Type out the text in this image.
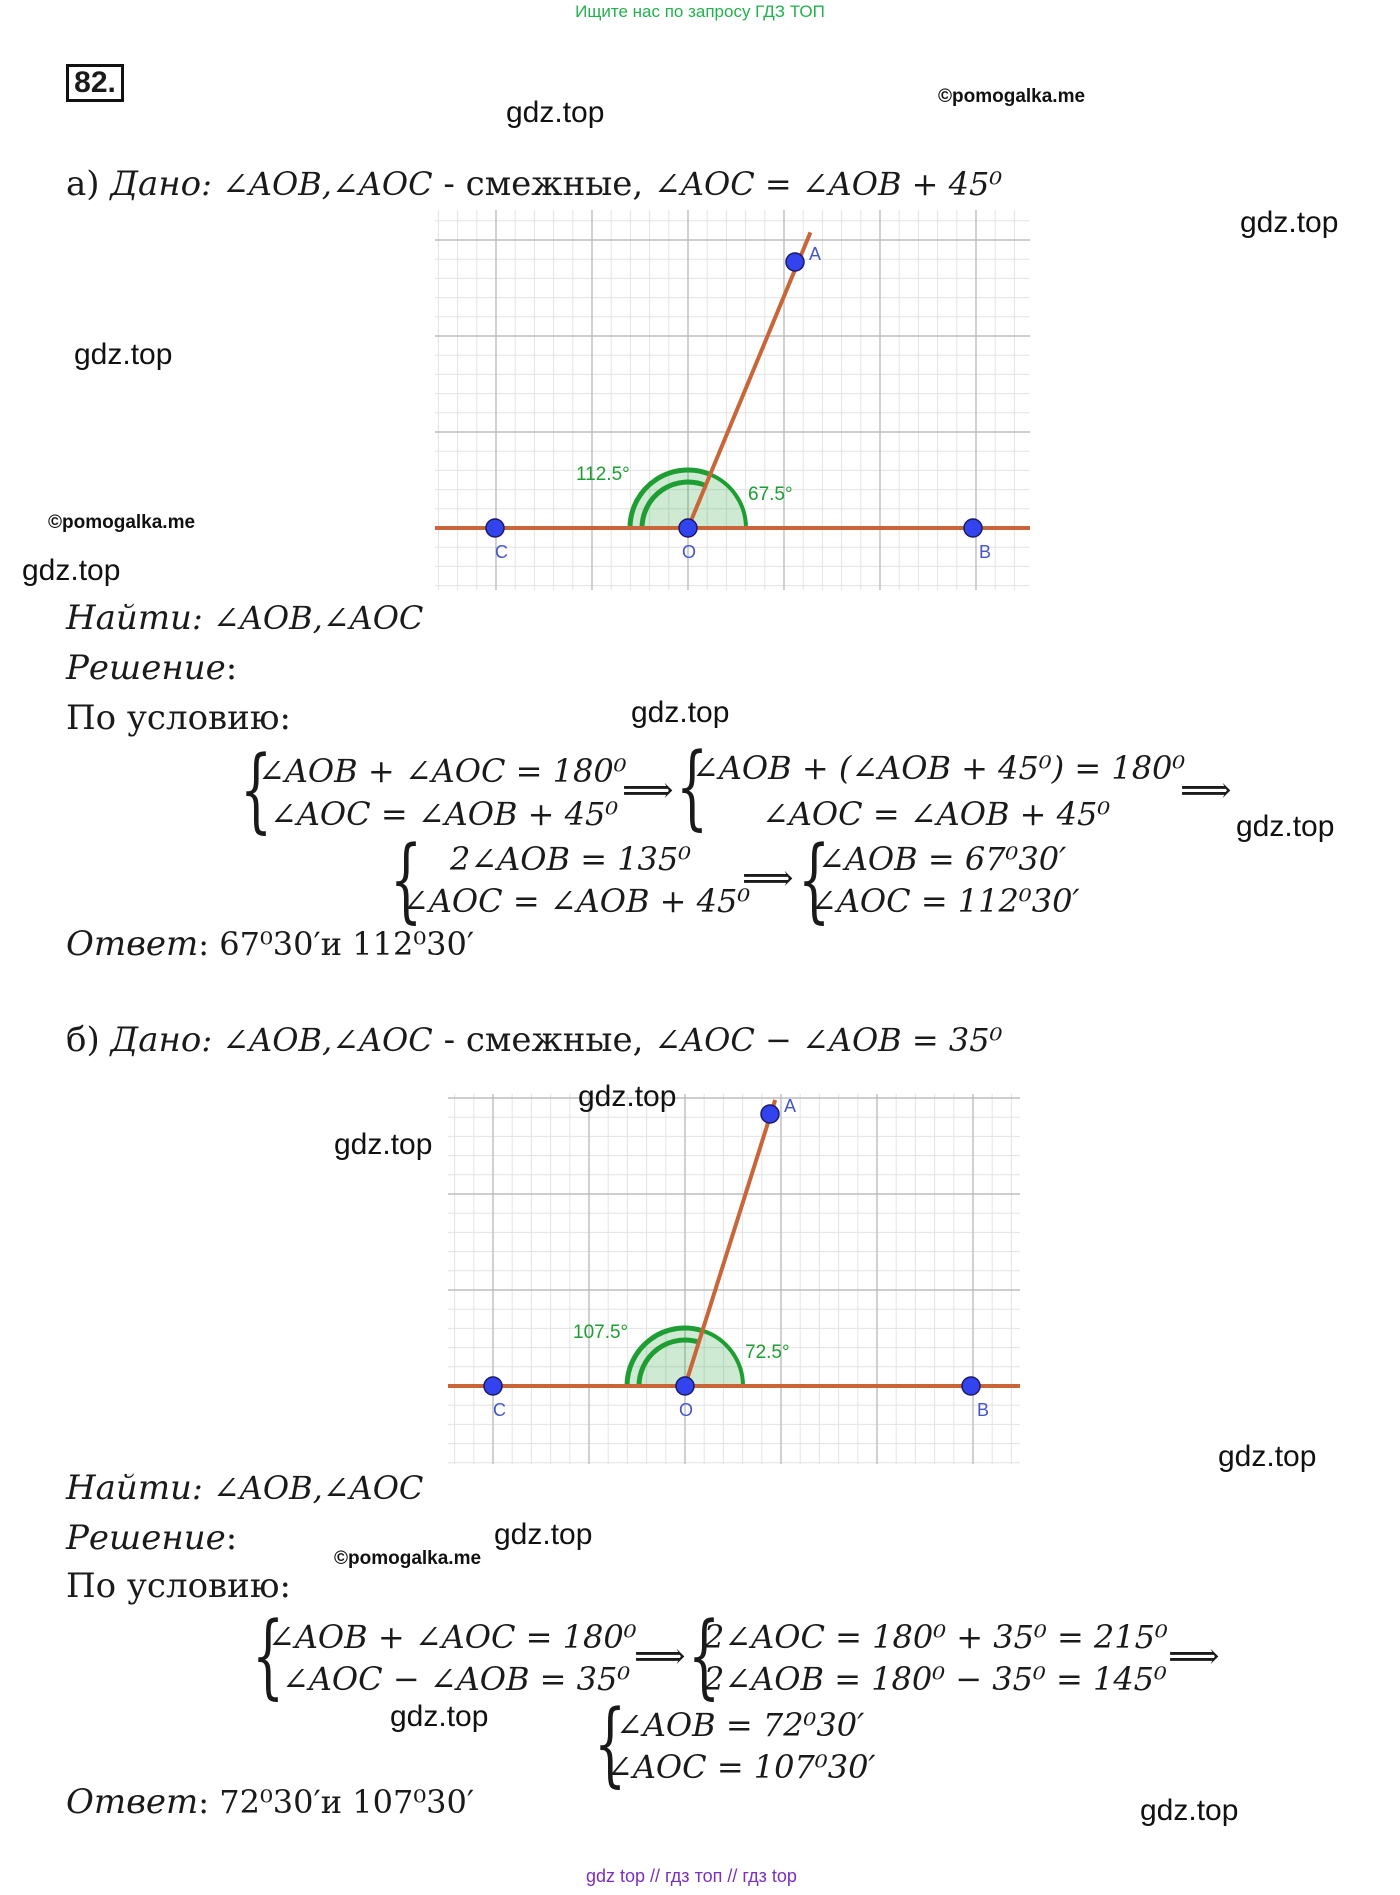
Ищите нас по запросу ГДЗ ТОП
82.
gdz.top	©pomogalka.me
а) Дано: ∠AOB,∠AOC - смежные, ∠AOC = ∠AOB + 45⁰
gdz.top
gdz.top
©pomogalka.me
gdz.top
A
C	O	B
112.5°
67.5°
Найти: ∠AOB,∠AOC
Решение:
По условию:	gdz.top
{
∠AOB + ∠AOC = 180⁰
∠AOC = ∠AOB + 45⁰
⟹ {
∠AOB + (∠AOB + 45⁰) = 180⁰
∠AOC = ∠AOB + 45⁰
⟹
gdz.top
{ 2∠AOB = 135⁰
∠AOC = ∠AOB + 45⁰
⟹ {
∠AOB = 67⁰30′
∠AOC = 112⁰30′
Ответ: 67⁰30′и 112⁰30′
б) Дано: ∠AOB,∠AOC - смежные, ∠AOC − ∠AOB = 35⁰
A
C	O	B
107.5°
72.5°
gdz.top
gdz.top
gdz.top
Найти: ∠AOB,∠AOC
Решение:	gdz.top
©pomogalka.me
По условию:
{
∠AOB + ∠AOC = 180⁰
∠AOC − ∠AOB = 35⁰
⟹ {
2∠AOC = 180⁰ + 35⁰ = 215⁰
2∠AOB = 180⁰ − 35⁰ = 145⁰
⟹
gdz.top {
∠AOB = 72⁰30′
∠AOC = 107⁰30′
Ответ: 72⁰30′и 107⁰30′	gdz.top
gdz top // гдз топ // гдз top
